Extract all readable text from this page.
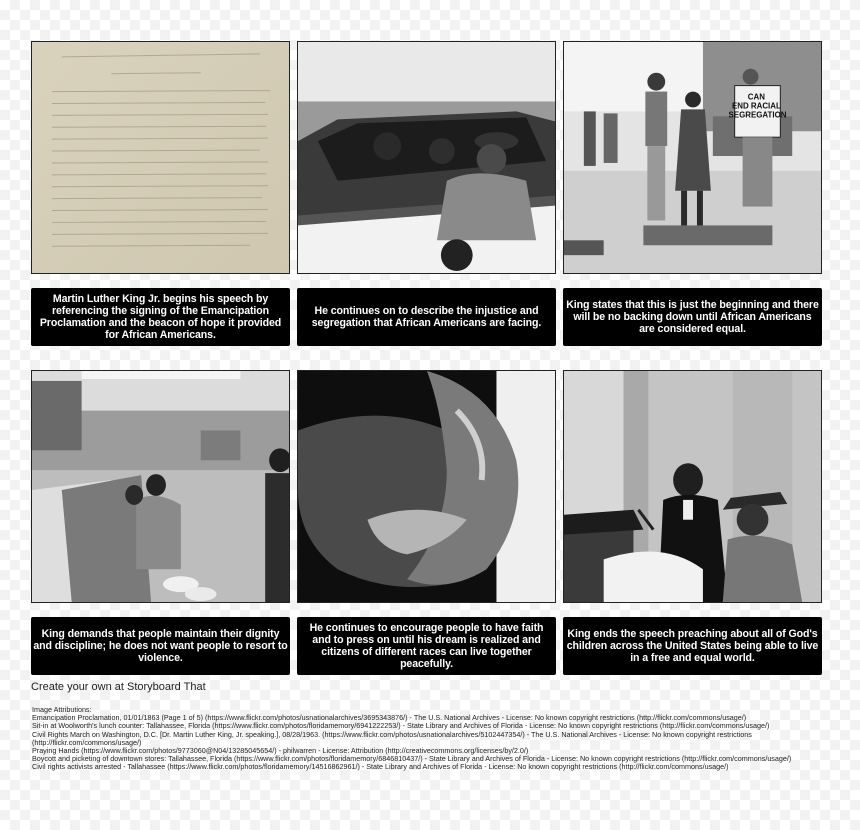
Martin Luther King Jr. begins his speech by referencing the signing of the Emancipation Proclamation and the beacon of hope it provided for African Americans.
He continues on to describe the injustice and segregation that African Americans are facing.
CAN END RACIAL SEGREGATION
King states that this is just the beginning and there will be no backing down until African Americans are considered equal.
King demands that people maintain their dignity and discipline; he does not want people to resort to violence.
He continues to encourage people to have faith and to press on until his dream is realized and citizens of different races can live together peacefully.
King ends the speech preaching about all of God's children across the United States being able to live in a free and equal world.
Create your own at Storyboard That
Image Attributions:
Emancipation Proclamation, 01/01/1863 (Page 1 of 5) (https://www.flickr.com/photos/usnationalarchives/3695343876/) - The U.S. National Archives - License: No known copyright restrictions (http://flickr.com/commons/usage/)
Sit-in at Woolworth's lunch counter: Tallahassee, Florida (https://www.flickr.com/photos/floridamemory/6941222253/) - State Library and Archives of Florida - License: No known copyright restrictions (http://flickr.com/commons/usage/)
Civil Rights March on Washington, D.C. [Dr. Martin Luther King, Jr. speaking.], 08/28/1963. (https://www.flickr.com/photos/usnationalarchives/5102447354/) - The U.S. National Archives - License: No known copyright restrictions (http://flickr.com/commons/usage/)
Praying Hands (https://www.flickr.com/photos/9773060@N04/13285045654/) - philwarren - License: Attribution (http://creativecommons.org/licenses/by/2.0/)
Boycott and picketing of downtown stores: Tallahassee, Florida (https://www.flickr.com/photos/floridamemory/6846810437/) - State Library and Archives of Florida - License: No known copyright restrictions (http://flickr.com/commons/usage/)
Civil rights activists arrested - Tallahassee (https://www.flickr.com/photos/floridamemory/14516862961/) - State Library and Archives of Florida - License: No known copyright restrictions (http://flickr.com/commons/usage/)
